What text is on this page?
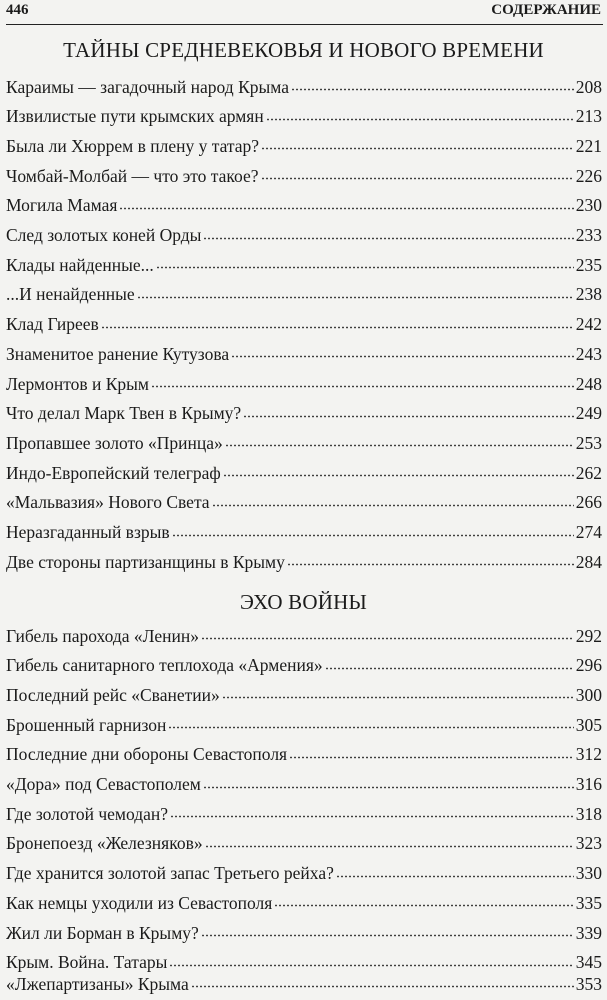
446	СОДЕРЖАНИЕ
ТАЙНЫ СРЕДНЕВЕКОВЬЯ И НОВОГО ВРЕМЕНИ
Караимы — загадочный народ Крыма	208
Извилистые пути крымских армян	213
Была ли Хюррем в плену у татар?	221
Чомбай-Молбай — что это такое?	226
Могила Мамая	230
След золотых коней Орды	233
Клады найденные...	235
...И ненайденные	238
Клад Гиреев	242
Знаменитое ранение Кутузова	243
Лермонтов и Крым	248
Что делал Марк Твен в Крыму?	249
Пропавшее золото «Принца»	253
Индо-Европейский телеграф	262
«Мальвазия» Нового Света	266
Неразгаданный взрыв	274
Две стороны партизанщины в Крыму	284
ЭХО ВОЙНЫ
Гибель парохода «Ленин»	292
Гибель санитарного теплохода «Армения»	296
Последний рейс «Сванетии»	300
Брошенный гарнизон	305
Последние дни обороны Севастополя	312
«Дора» под Севастополем	316
Где золотой чемодан?	318
Бронепоезд «Железняков»	323
Где хранится золотой запас Третьего рейха?	330
Как немцы уходили из Севастополя	335
Жил ли Борман в Крыму?	339
Крым. Война. Татары	345
«Лжепартизаны» Крыма	353
